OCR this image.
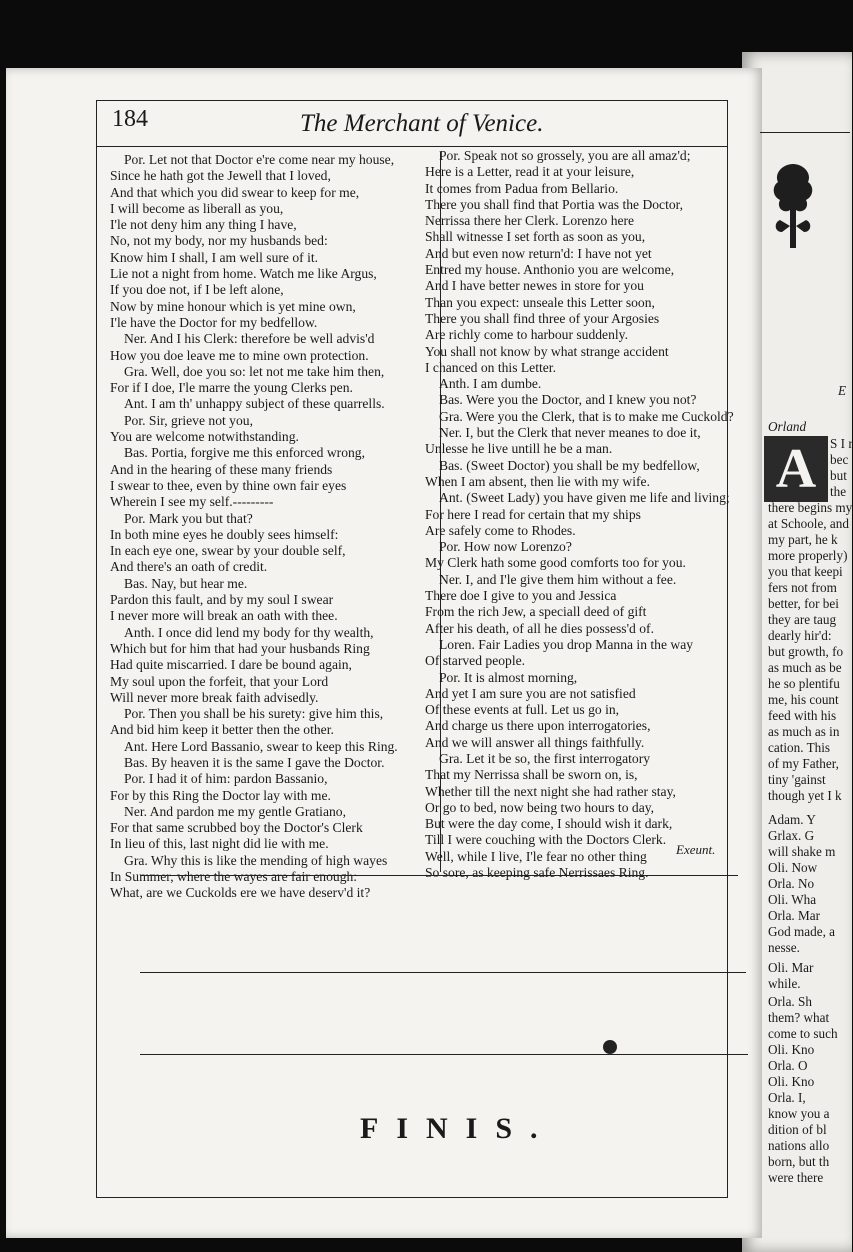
184	The Merchant of Venice.
Por. Let not that Doctor e're come near my house,
Since he hath got the Jewell that I loved,
And that which you did swear to keep for me,
I will become as liberall as you,
I'le not deny him any thing I have,
No, not my body, nor my husbands bed:
Know him I shall, I am well sure of it.
Lie not a night from home. Watch me like Argus,
If you doe not, if I be left alone,
Now by mine honour which is yet mine own,
I'le have the Doctor for my bedfellow.
Ner. And I his Clerk: therefore be well advis'd
How you doe leave me to mine own protection.
Gra. Well, doe you so: let not me take him then,
For if I doe, I'le marre the young Clerks pen.
Ant. I am th' unhappy subject of these quarrells.
Por. Sir, grieve not you,
You are welcome notwithstanding.
Bas. Portia, forgive me this enforced wrong,
And in the hearing of these many friends
I swear to thee, even by thine own fair eyes
Wherein I see my self.---------
Por. Mark you but that?
In both mine eyes he doubly sees himself:
In each eye one, swear by your double self,
And there's an oath of credit.
Bas. Nay, but hear me.
Pardon this fault, and by my soul I swear
I never more will break an oath with thee.
Anth. I once did lend my body for thy wealth,
Which but for him that had your husbands Ring
Had quite miscarried. I dare be bound again,
My soul upon the forfeit, that your Lord
Will never more break faith advisedly.
Por. Then you shall be his surety: give him this,
And bid him keep it better then the other.
Ant. Here Lord Bassanio, swear to keep this Ring.
Bas. By heaven it is the same I gave the Doctor.
Por. I had it of him: pardon Bassanio,
For by this Ring the Doctor lay with me.
Ner. And pardon me my gentle Gratiano,
For that same scrubbed boy the Doctor's Clerk
In lieu of this, last night did lie with me.
Gra. Why this is like the mending of high wayes
In Summer, where the wayes are fair enough:
What, are we Cuckolds ere we have deserv'd it?
Por. Speak not so grossely, you are all amaz'd;
Here is a Letter, read it at your leisure,
It comes from Padua from Bellario.
There you shall find that Portia was the Doctor,
Nerrissa there her Clerk. Lorenzo here
Shall witnesse I set forth as soon as you,
And but even now return'd: I have not yet
Entred my house. Anthonio you are welcome,
And I have better newes in store for you
Than you expect: unseale this Letter soon,
There you shall find three of your Argosies
Are richly come to harbour suddenly.
You shall not know by what strange accident
I chanced on this Letter.
Anth. I am dumbe.
Bas. Were you the Doctor, and I knew you not?
Gra. Were you the Clerk, that is to make me Cuckold?
Ner. I, but the Clerk that never meanes to doe it,
Unlesse he live untill he be a man.
Bas. (Sweet Doctor) you shall be my bedfellow,
When I am absent, then lie with my wife.
Ant. (Sweet Lady) you have given me life and living;
For here I read for certain that my ships
Are safely come to Rhodes.
Por. How now Lorenzo?
My Clerk hath some good comforts too for you.
Ner. I, and I'le give them him without a fee.
There doe I give to you and Jessica
From the rich Jew, a speciall deed of gift
After his death, of all he dies possess'd of.
Loren. Fair Ladies you drop Manna in the way
Of starved people.
Por. It is almost morning,
And yet I am sure you are not satisfied
Of these events at full. Let us go in,
And charge us there upon interrogatories,
And we will answer all things faithfully.
Gra. Let it be so, the first interrogatory
That my Nerrissa shall be sworn on, is,
Whether till the next night she had rather stay,
Or go to bed, now being two hours to day,
But were the day come, I should wish it dark,
Till I were couching with the Doctors Clerk.
Well, while I live, I'le fear no other thing
So sore, as keeping safe Nerrissaes Ring.
Exeunt.
FINIS.
A
E
Orland
S I r
bec
but
the
there begins my
at Schoole, and
my part, he k
more properly)
you that keepi
fers not from
better, for bei
they are taug
dearly hir'd:
but growth, fo
as much as be
he so plentifu
me, his count
feed with his
as much as in
cation. This
of my Father,
tiny 'gainst
though yet I k
Adam. Y
Grlax. G
will shake m
Oli. Now
Orla. No
Oli. Wha
Orla. Mar
God made, a
nesse.
Oli. Mar
while.
Orla. Sh
them? what
come to such
Oli. Kno
Orla. O
Oli. Kno
Orla. I,
know you a
dition of bl
nations allo
born, but th
were there
